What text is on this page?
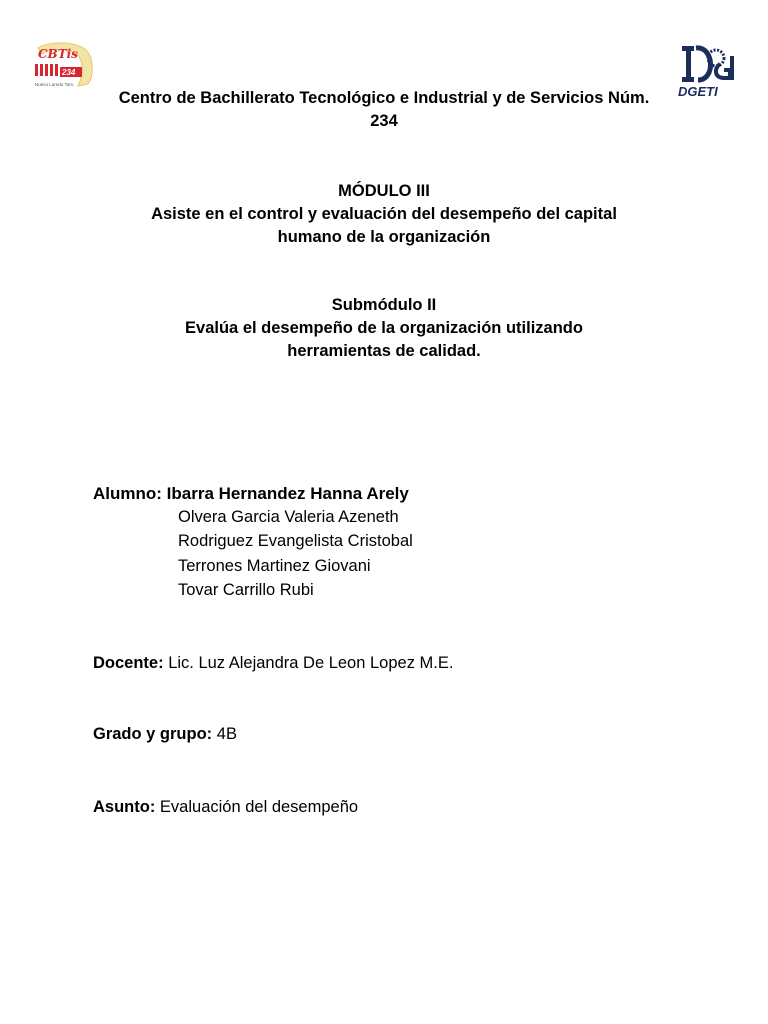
CBTis
234
Nuevo Laredo Tam.	DGETI
Centro de Bachillerato Tecnológico e Industrial y de Servicios Núm.
234
MÓDULO III
Asiste en el control y evaluación del desempeño del capital
humano de la organización
Submódulo II
Evalúa el desempeño de la organización utilizando
herramientas de calidad.
Alumno: Ibarra Hernandez Hanna Arely
Olvera Garcia Valeria Azeneth
Rodriguez Evangelista Cristobal
Terrones Martinez Giovani
Tovar Carrillo Rubi
Docente: Lic. Luz Alejandra De Leon Lopez M.E.
Grado y grupo: 4B
Asunto: Evaluación del desempeño
